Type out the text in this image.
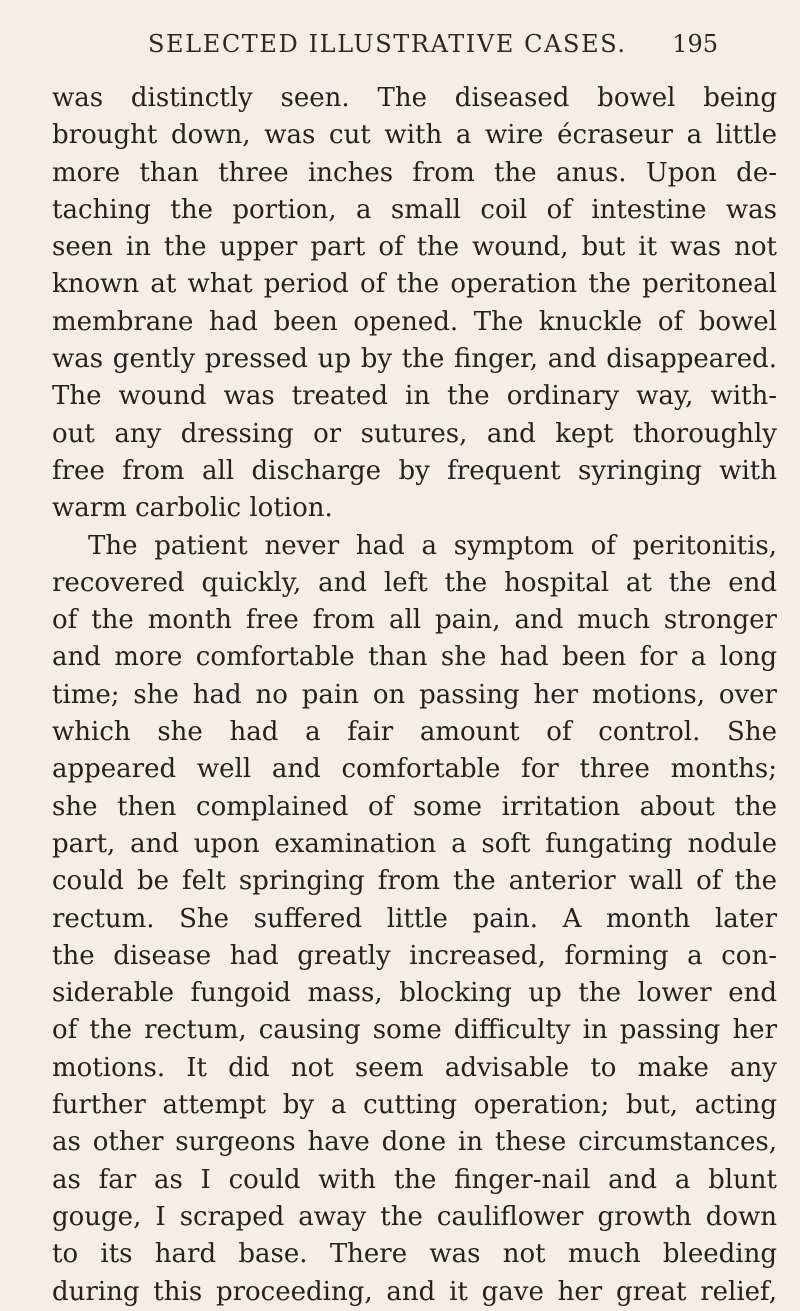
SELECTED ILLUSTRATIVE CASES. 195
was distinctly seen. The diseased bowel being
brought down, was cut with a wire écraseur a little
more than three inches from the anus. Upon de-
taching the portion, a small coil of intestine was
seen in the upper part of the wound, but it was not
known at what period of the operation the peritoneal
membrane had been opened. The knuckle of bowel
was gently pressed up by the finger, and disappeared.
The wound was treated in the ordinary way, with-
out any dressing or sutures, and kept thoroughly
free from all discharge by frequent syringing with
warm carbolic lotion.
The patient never had a symptom of peritonitis,
recovered quickly, and left the hospital at the end
of the month free from all pain, and much stronger
and more comfortable than she had been for a long
time; she had no pain on passing her motions, over
which she had a fair amount of control. She
appeared well and comfortable for three months;
she then complained of some irritation about the
part, and upon examination a soft fungating nodule
could be felt springing from the anterior wall of the
rectum. She suffered little pain. A month later
the disease had greatly increased, forming a con-
siderable fungoid mass, blocking up the lower end
of the rectum, causing some difficulty in passing her
motions. It did not seem advisable to make any
further attempt by a cutting operation; but, acting
as other surgeons have done in these circumstances,
as far as I could with the finger-nail and a blunt
gouge, I scraped away the cauliflower growth down
to its hard base. There was not much bleeding
during this proceeding, and it gave her great relief,
